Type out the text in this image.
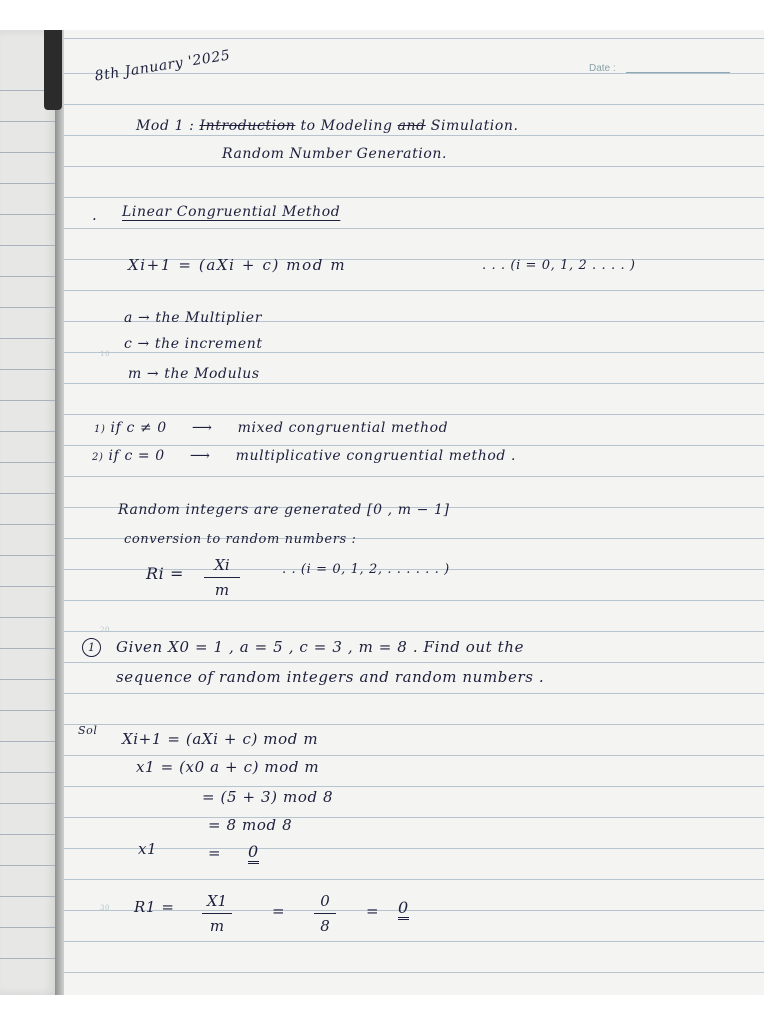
8th January '2025	Date :
Mod 1 : Introduction to Modeling and Simulation.
Random Number Generation.
. Linear Congruential Method
Xi+1 = (aXi + c) mod m	. . . (i = 0, 1, 2 . . . . )
a → the Multiplier
c → the increment
m → the Modulus
1) if c ≠ 0 ⟶ mixed congruential method
2) if c = 0 ⟶ multiplicative congruential method .
Random integers are generated [0 , m − 1]
conversion to random numbers :
Ri =	Xi
m
. . (i = 0, 1, 2, . . . . . . )
1	Given X0 = 1 , a = 5 , c = 3 , m = 8 . Find out the
sequence of random integers and random numbers .
Sol Xi+1 = (aXi + c) mod m
x1 = (x0 a + c) mod m
= (5 + 3) mod 8
= 8 mod 8
x1	= 0
R1 =	X1
m
=
0
8
= 0
10
20
30
